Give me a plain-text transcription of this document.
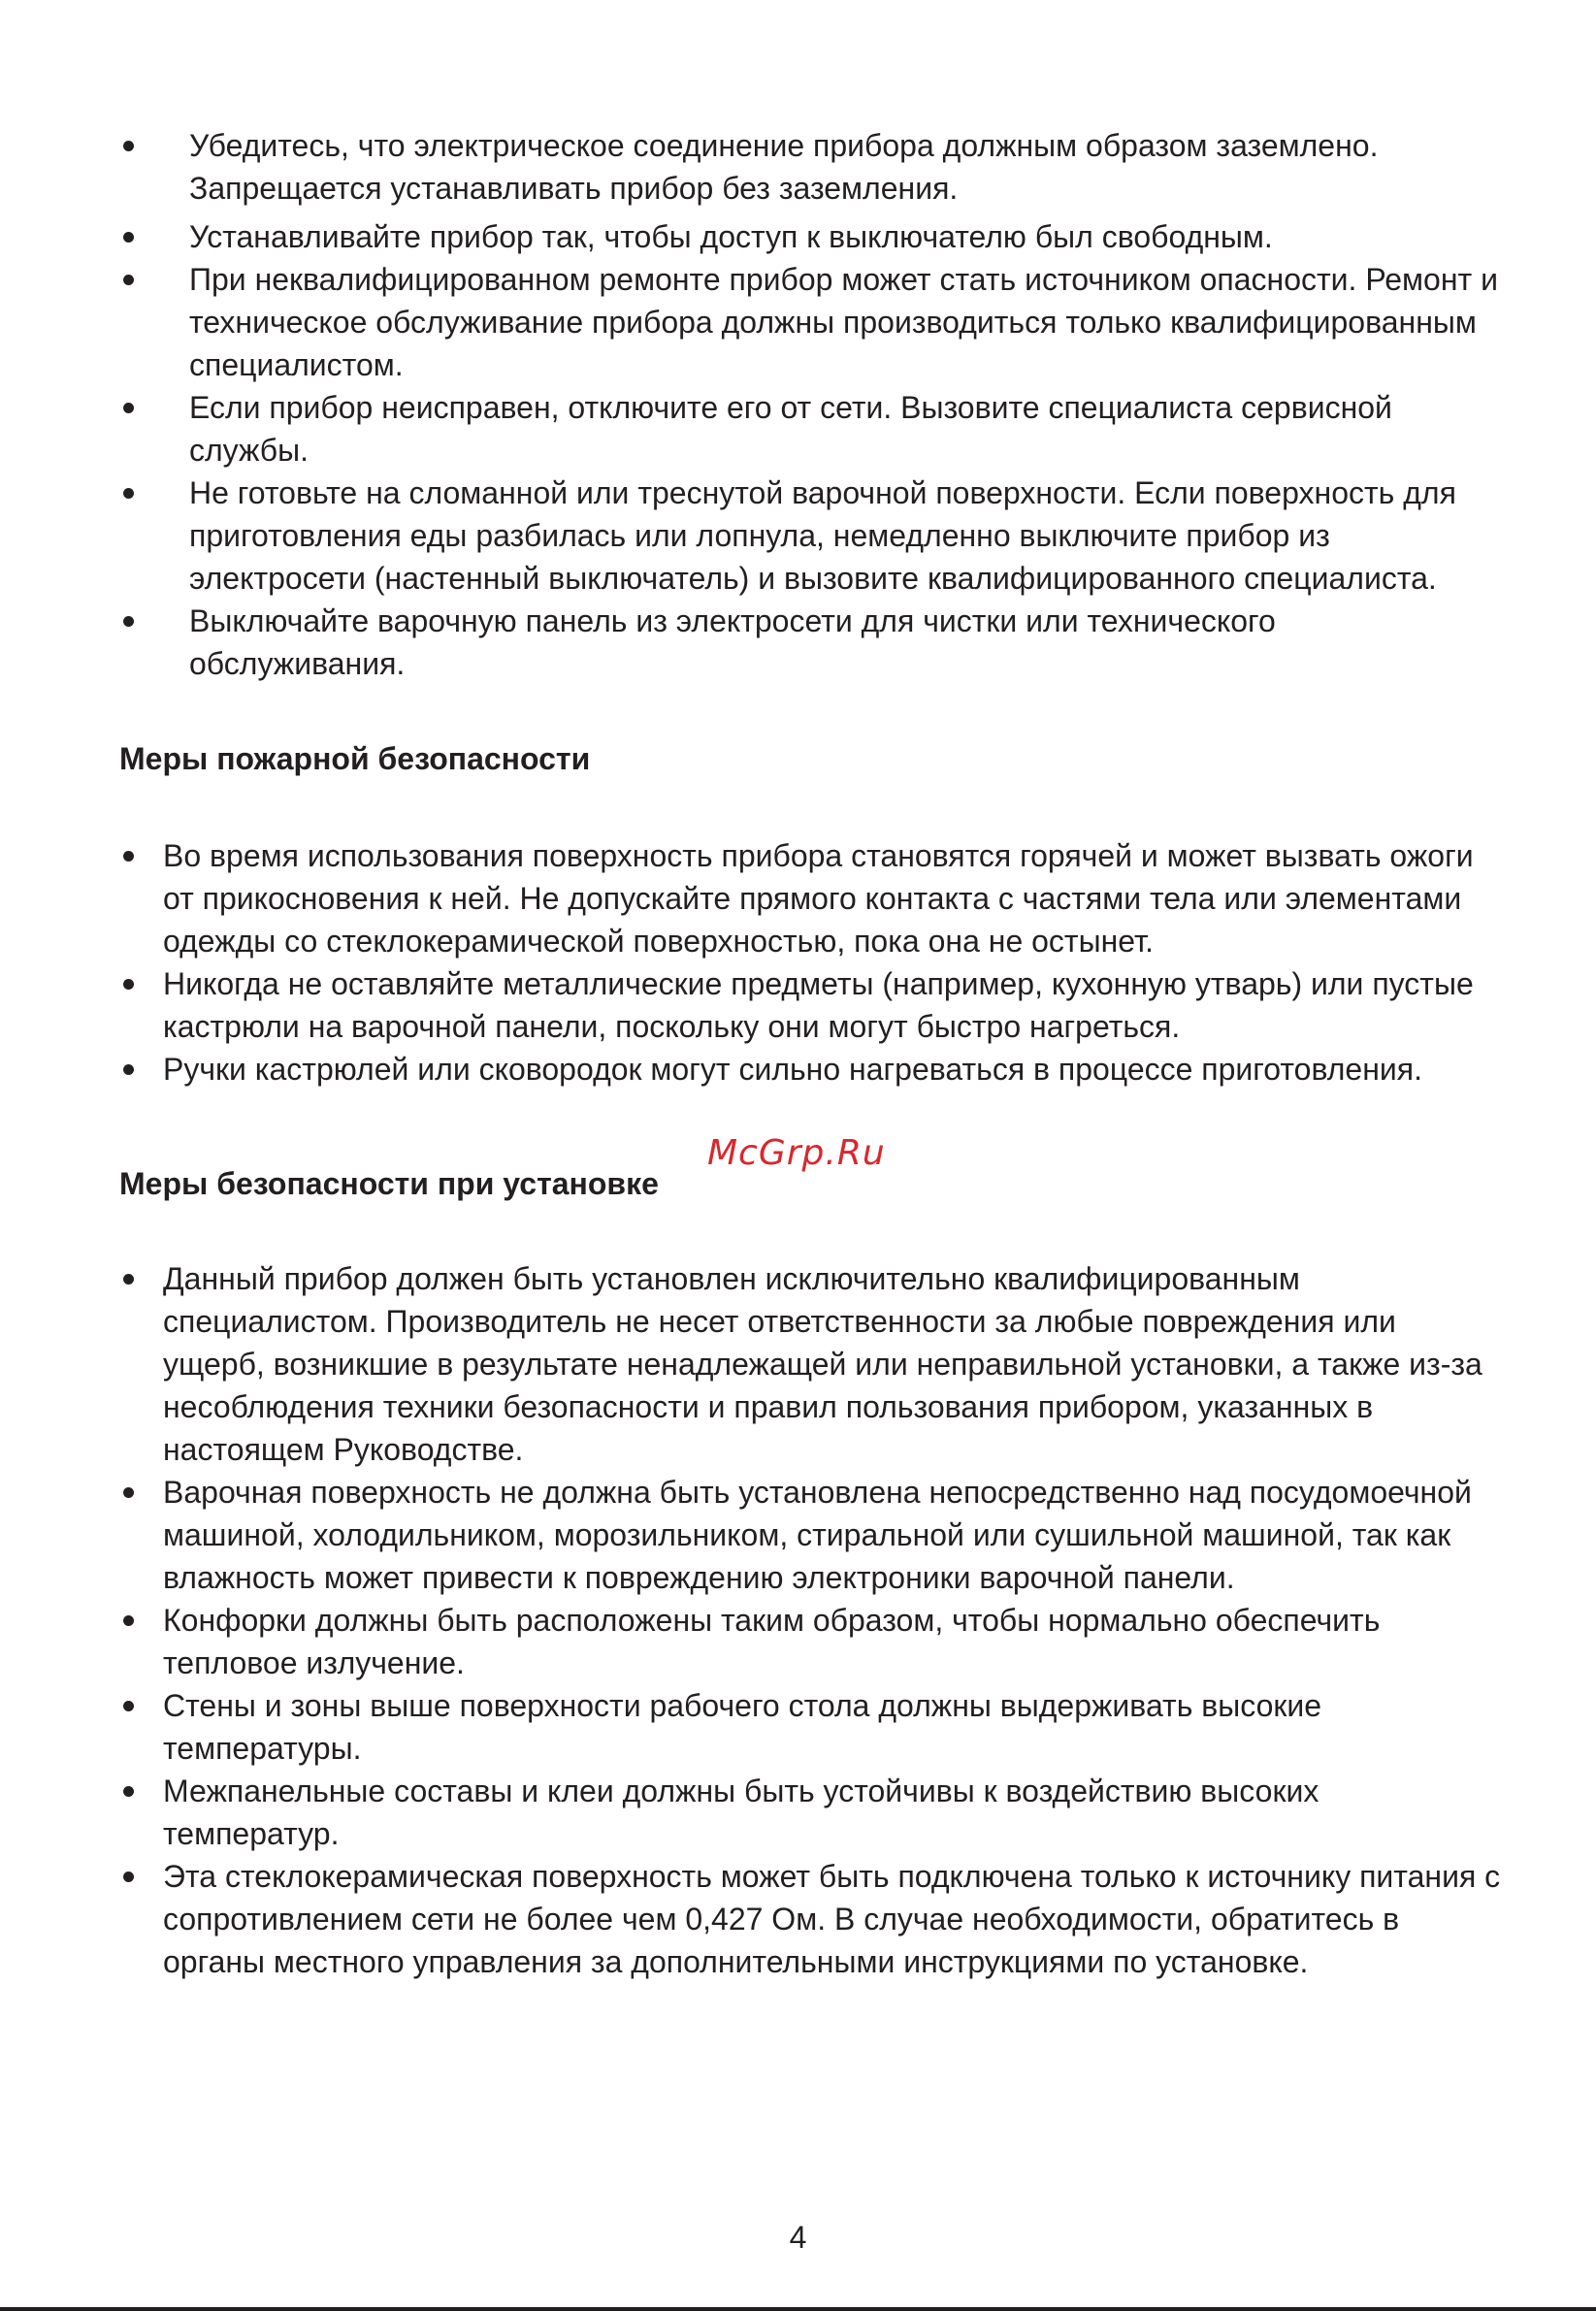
Убедитесь, что электрическое соединение прибора должным образом заземлено. Запрещается устанавливать прибор без заземления.
Устанавливайте прибор так, чтобы доступ к выключателю был свободным.
При неквалифицированном ремонте прибор может стать источником опасности. Ремонт и техническое обслуживание прибора должны производиться только квалифицированным специалистом.
Если прибор неисправен, отключите его от сети. Вызовите специалиста сервисной службы.
Не готовьте на сломанной или треснутой варочной поверхности. Если поверхность для приготовления еды разбилась или лопнула, немедленно выключите прибор из электросети (настенный выключатель) и вызовите квалифицированного специалиста.
Выключайте варочную панель из электросети для чистки или технического обслуживания.
Меры пожарной безопасности
Во время использования поверхность прибора становятся горячей и может вызвать ожоги от прикосновения к ней. Не допускайте прямого контакта с частями тела или элементами одежды со стеклокерамической поверхностью, пока она не остынет.
Никогда не оставляйте металлические предметы (например, кухонную утварь) или пустые кастрюли на варочной панели, поскольку они могут быстро нагреться.
Ручки кастрюлей или сковородок могут сильно нагреваться в процессе приготовления.
Меры безопасности при установке
McGrp.Ru
Данный прибор должен быть установлен исключительно квалифицированным специалистом. Производитель не несет ответственности за любые повреждения или ущерб, возникшие в результате ненадлежащей или неправильной установки, а также из-за несоблюдения техники безопасности и правил пользования прибором, указанных в настоящем Руководстве.
Варочная поверхность не должна быть установлена непосредственно над посудомоечной машиной, холодильником, морозильником, стиральной или сушильной машиной, так как влажность может привести к повреждению электроники варочной панели.
Конфорки должны быть расположены таким образом, чтобы нормально обеспечить тепловое излучение.
Стены и зоны выше поверхности рабочего стола должны выдерживать высокие температуры.
Межпанельные составы и клеи должны быть устойчивы к воздействию высоких температур.
Эта стеклокерамическая поверхность может быть подключена только к источнику питания с сопротивлением сети не более чем 0,427 Ом. В случае необходимости, обратитесь в органы местного управления за дополнительными инструкциями по установке.
4
